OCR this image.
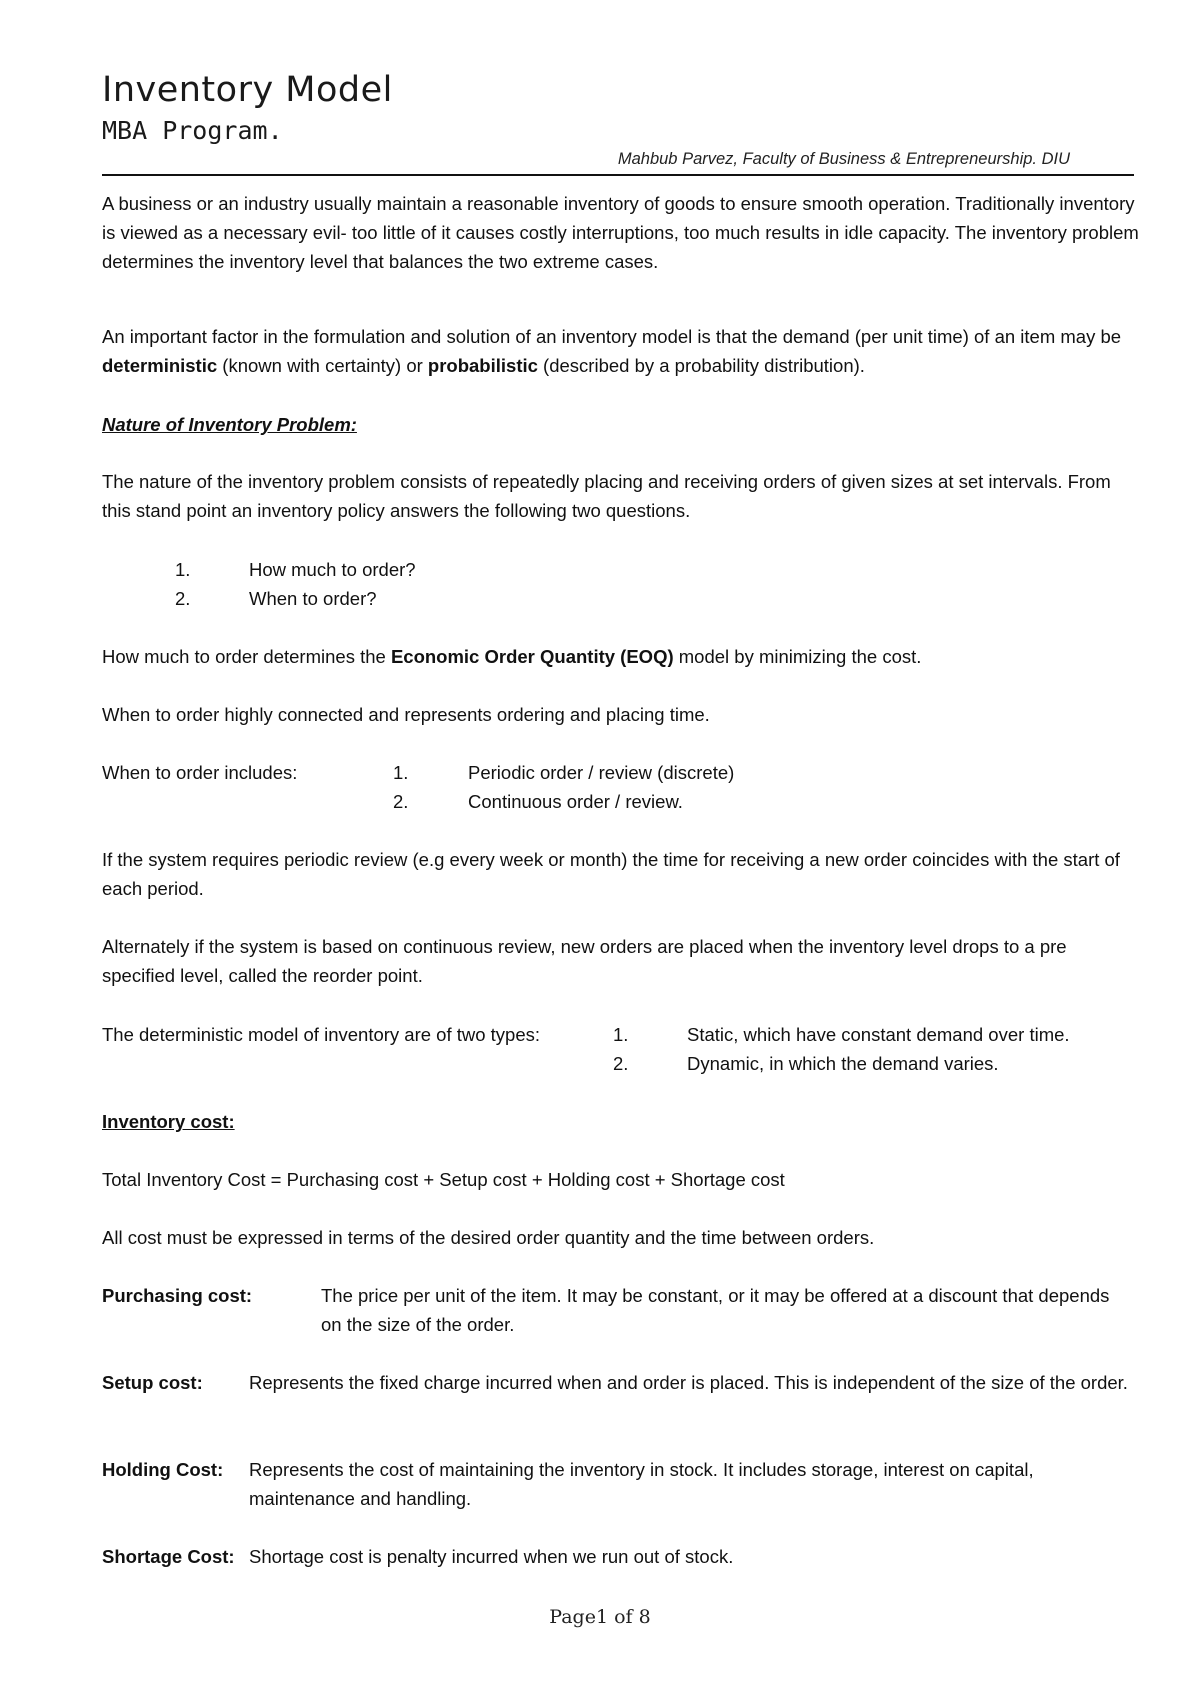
Inventory Model
MBA Program.
Mahbub Parvez, Faculty of Business & Entrepreneurship. DIU
A business or an industry usually maintain a reasonable inventory of goods to ensure smooth operation. Traditionally inventory is viewed as a necessary evil- too little of it causes costly interruptions, too much results in idle capacity. The inventory problem determines the inventory level that balances the two extreme cases.
An important factor in the formulation and solution of an inventory model is that the demand (per unit time) of an item may be deterministic (known with certainty) or probabilistic (described by a probability distribution).
Nature of Inventory Problem:
The nature of the inventory problem consists of repeatedly placing and receiving orders of given sizes at set intervals. From this stand point an inventory policy answers the following two questions.
1.	How much to order?
2.	When to order?
How much to order determines the Economic Order Quantity (EOQ) model by minimizing the cost.
When to order highly connected and represents ordering and placing time.
When to order includes:	1.	Periodic order / review (discrete)
2.	Continuous order / review.
If the system requires periodic review (e.g every week or month) the time for receiving a new order coincides with the start of each period.
Alternately if the system is based on continuous review, new orders are placed when the inventory level drops to a pre specified level, called the reorder point.
The deterministic model of inventory are of two types:	1.	Static, which have constant demand over time.
2.	Dynamic, in which the demand varies.
Inventory cost:
Total Inventory Cost = Purchasing cost + Setup cost + Holding cost + Shortage cost
All cost must be expressed in terms of the desired order quantity and the time between orders.
Purchasing cost:	The price per unit of the item. It may be constant, or it may be offered at a discount that depends on the size of the order.
Setup cost:	Represents the fixed charge incurred when and order is placed. This is independent of the size of the order.
Holding Cost: Represents the cost of maintaining the inventory in stock. It includes storage, interest on capital, maintenance and handling.
Shortage Cost: Shortage cost is penalty incurred when we run out of stock.
Page1 of 8
